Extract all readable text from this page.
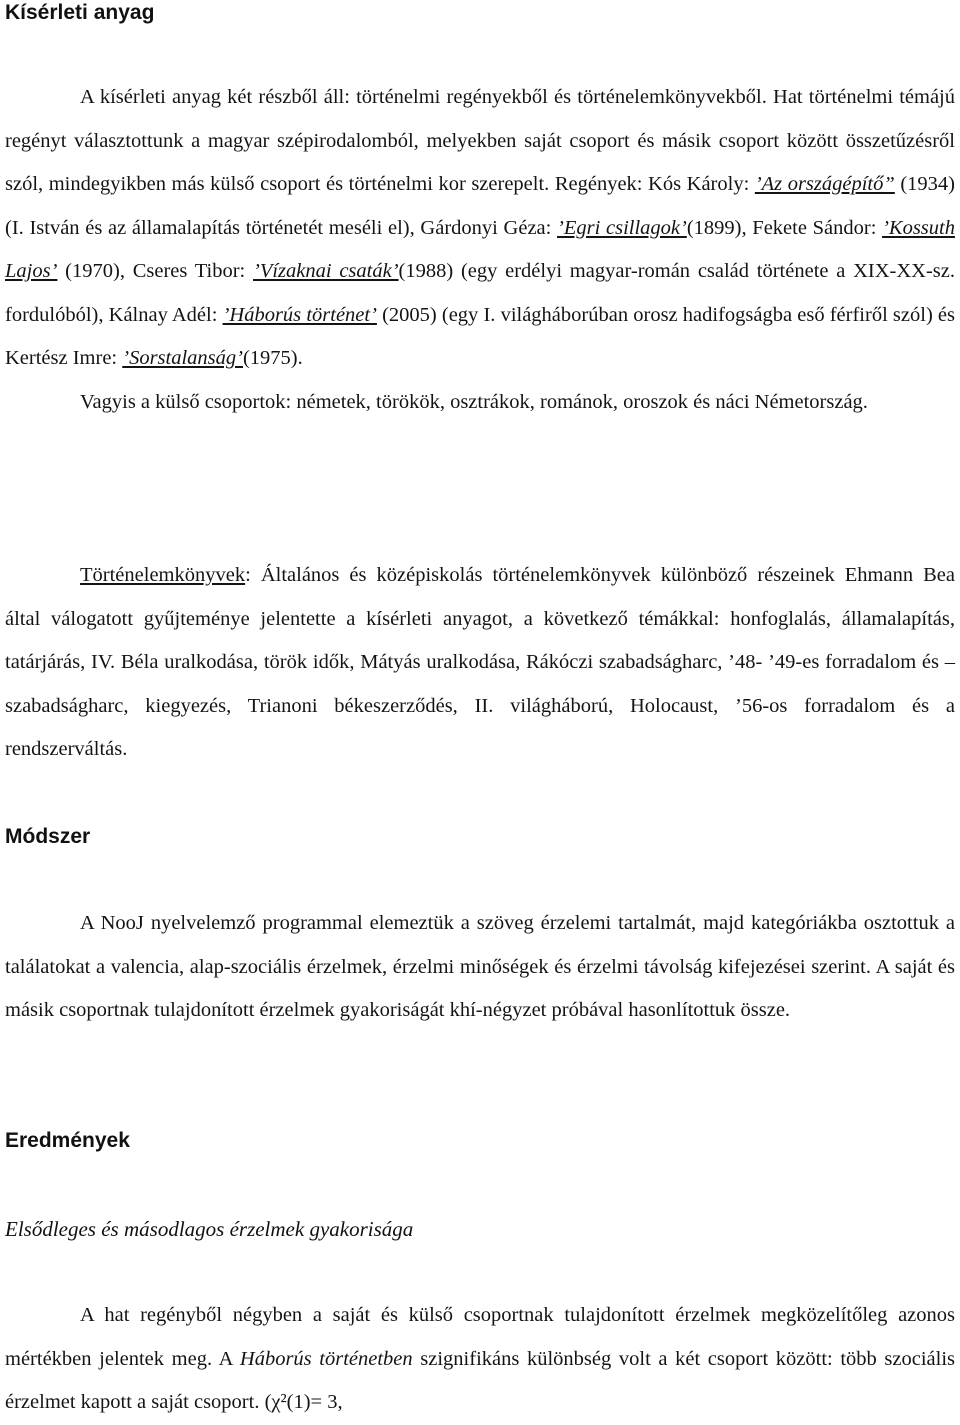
Kísérleti anyag

A kísérleti anyag két részből áll: történelmi regényekből és történelemkönyvekből. Hat történelmi témájú regényt választottunk a magyar szépirodalomból, melyekben saját csoport és másik csoport között összetűzésről szól, mindegyikben más külső csoport és történelmi kor szerepelt. Regények: Kós Károly: ’Az országépítő” (1934) (I. István és az államalapítás történetét meséli el), Gárdonyi Géza: ’Egri csillagok’(1899), Fekete Sándor: ’Kossuth Lajos’ (1970), Cseres Tibor: ’Vízaknai csaták’(1988) (egy erdélyi magyar-román család története a XIX-XX-sz. fordulóból), Kálnay Adél: ’Háborús történet’ (2005) (egy I. világháborúban orosz hadifogságba eső férfiről szól) és Kertész Imre: ’Sorstalanság’(1975).

Vagyis a külső csoportok: németek, törökök, osztrákok, románok, oroszok és náci Németország.

Történelemkönyvek: Általános és középiskolás történelemkönyvek különböző részeinek Ehmann Bea által válogatott gyűjteménye jelentette a kísérleti anyagot, a következő témákkal: honfoglalás, államalapítás, tatárjárás, IV. Béla uralkodása, török idők, Mátyás uralkodása, Rákóczi szabadságharc, ’48- ’49-es forradalom és – szabadságharc, kiegyezés, Trianoni békeszerződés, II. világháború, Holocaust, ’56-os forradalom és a rendszerváltás.

Módszer

A NooJ nyelvelemző programmal elemeztük a szöveg érzelemi tartalmát, majd kategóriákba osztottuk a találatokat a valencia, alap-szociális érzelmek, érzelmi minőségek és érzelmi távolság kifejezései szerint. A saját és másik csoportnak tulajdonított érzelmek gyakoriságát khí-négyzet próbával hasonlítottuk össze.

Eredmények
Elsődleges és másodlagos érzelmek gyakorisága

A hat regényből négyben a saját és külső csoportnak tulajdonított érzelmek megközelítőleg azonos mértékben jelentek meg. A Háborús történetben szignifikáns különbség volt a két csoport között: több szociális érzelmet kapott a saját csoport. (χ²(1)= 3,
